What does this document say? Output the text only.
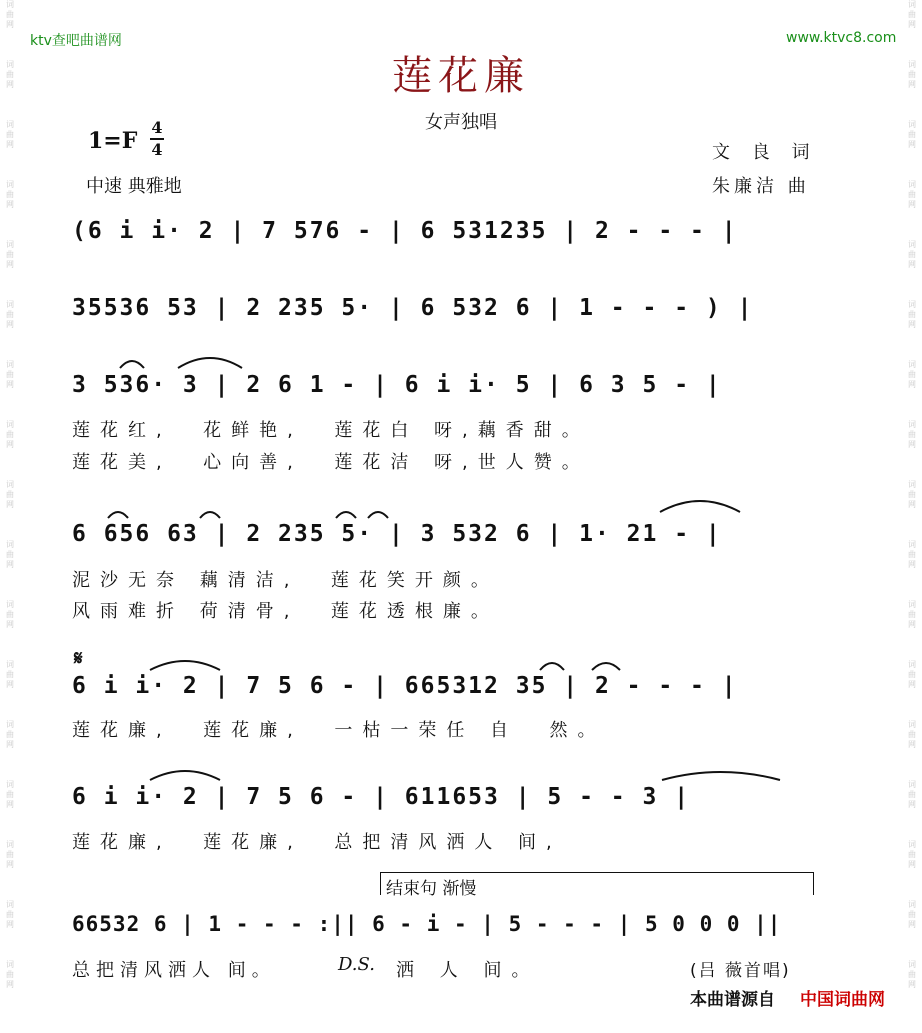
词
曲
网
词
曲
网
词
曲
网
词
曲
网
词
曲
网
词
曲
网
词
曲
网
词
曲
网
词
曲
网
词
曲
网
词
曲
网
词
曲
网
词
曲
网
词
曲
网
词
曲
网
词
曲
网
词
曲
网
词
曲
网
词
曲
网
词
曲
网
词
曲
网
词
曲
网
词
曲
网
词
曲
网
词
曲
网
词
曲
网
词
曲
网
词
曲
网
词
曲
网
词
曲
网
词
曲
网
词
曲
网
词
曲
网
词
曲
网
ktv查吧曲谱网	www.ktvc8.com
莲花廉
女声独唱
1=F
4
4
中速 典雅地
文 良 词
朱廉洁 曲
(6 i i· 2 | 7 576 - | 6 531235 | 2 - - - |
35536 53 | 2 235 5· | 6 532 6 | 1 - - - ) |
3 536· 3 | 2 6 1 - | 6 i i· 5 | 6 3 5 - |
莲花红,  花鲜艳,  莲花白 呀,藕香甜。
莲花美,  心向善,  莲花洁 呀,世人赞。
6 656 63 | 2 235 5· | 3 532 6 | 1· 21 - |
泥沙无奈 藕清洁,  莲花笑开颜。
风雨难折 荷清骨,  莲花透根廉。
𝄋
6 i i· 2 | 7 5 6 - | 665312 35 | 2 - - - |
莲花廉,  莲花廉,  一枯一荣任 自  然。
6 i i· 2 | 7 5 6 - | 611653 | 5 - - 3 |
莲花廉,  莲花廉,  总把清风洒人 间,
结束句 渐慢
66532 6 | 1 - - - :|| 6 - i - | 5 - - - | 5 0 0 0 ||
总把清风洒人 间。	D.S. 洒 人 间。	(吕 薇首唱)
本曲谱源自 中国词曲网
